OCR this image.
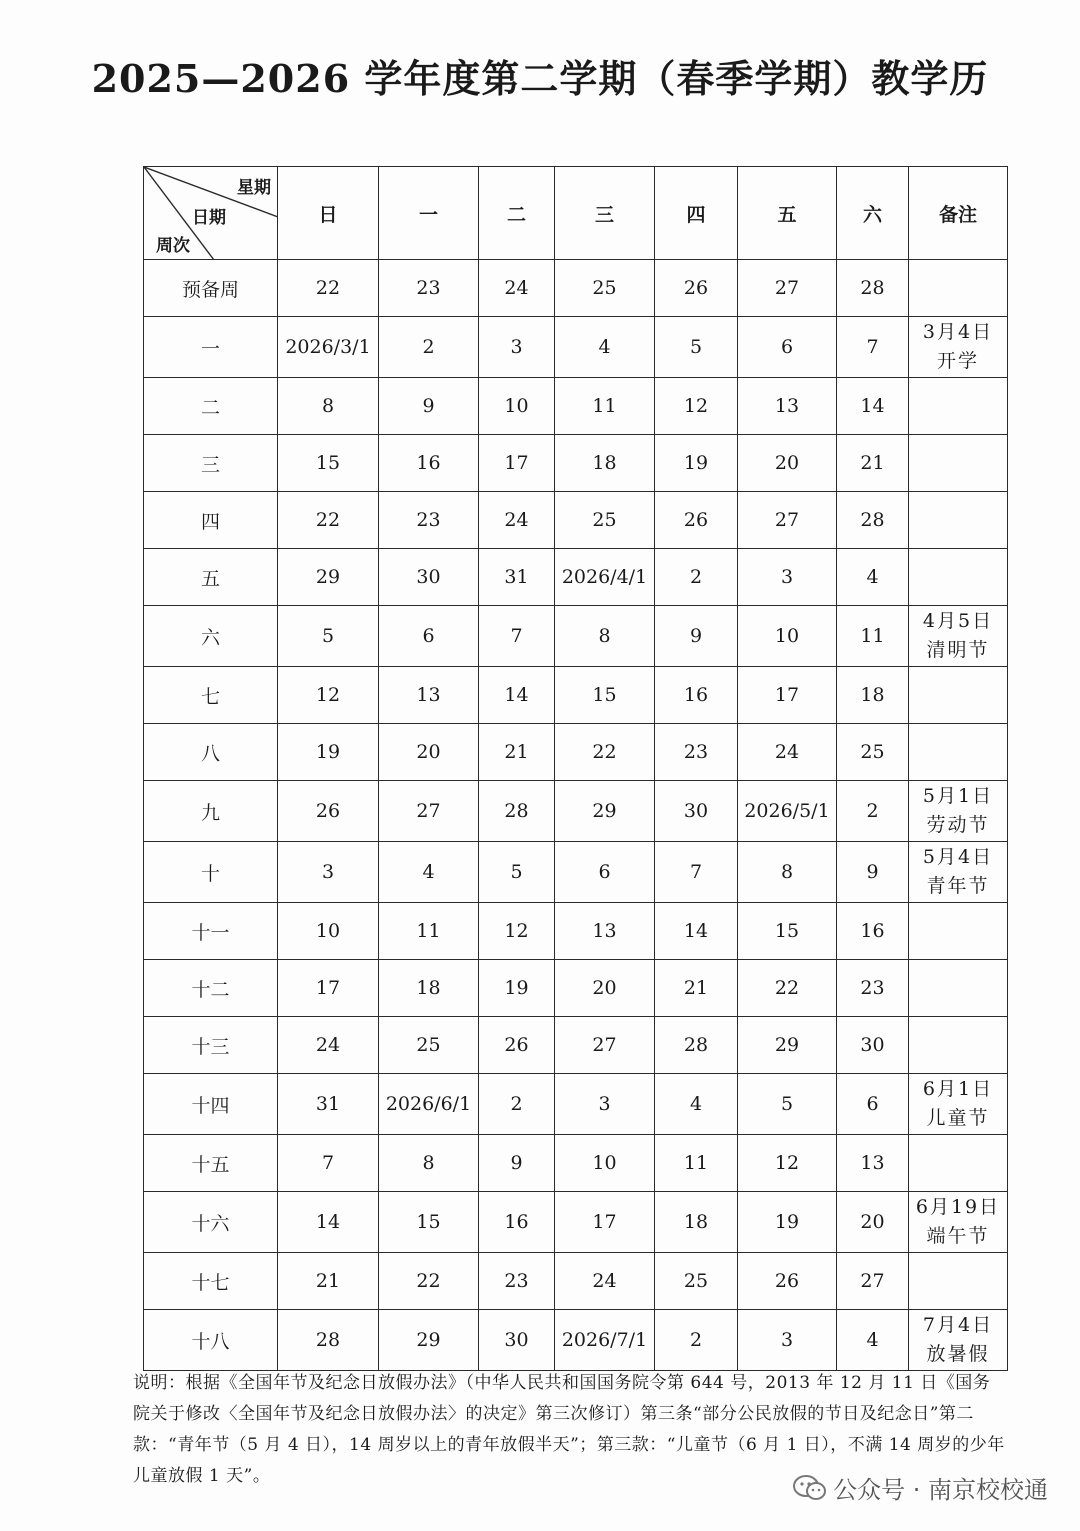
2025—2026 学年度第二学期（春季学期）教学历
星期
日期
周次	日	一	二	三	四	五	六	备注
预备周	22	23	24	25	26	27	28	

一	2026/3/1	2	3	4	5	6	7	3月4日
开学

二	8	9	10	11	12	13	14	

三	15	16	17	18	19	20	21	

四	22	23	24	25	26	27	28	

五	29	30	31	2026/4/1	2	3	4	

六	5	6	7	8	9	10	11	4月5日
清明节

七	12	13	14	15	16	17	18	

八	19	20	21	22	23	24	25	

九	26	27	28	29	30	2026/5/1	2	5月1日
劳动节

十	3	4	5	6	7	8	9	5月4日
青年节

十一	10	11	12	13	14	15	16	

十二	17	18	19	20	21	22	23	

十三	24	25	26	27	28	29	30	

十四	31	2026/6/1	2	3	4	5	6	6月1日
儿童节

十五	7	8	9	10	11	12	13	

十六	14	15	16	17	18	19	20	6月19日
端午节

十七	21	22	23	24	25	26	27	

十八	28	29	30	2026/7/1	2	3	4	7月4日
放暑假
说明：根据《全国年节及纪念日放假办法》（中华人民共和国国务院令第 644 号，2013 年 12 月 11 日《国务院关于修改〈全国年节及纪念日放假办法〉的决定》第三次修订）第三条“部分公民放假的节日及纪念日”第二款：“青年节（5 月 4 日），14 周岁以上的青年放假半天”；第三款：“儿童节（6 月 1 日），不满 14 周岁的少年儿童放假 1 天”。	公众号 · 南京校校通
